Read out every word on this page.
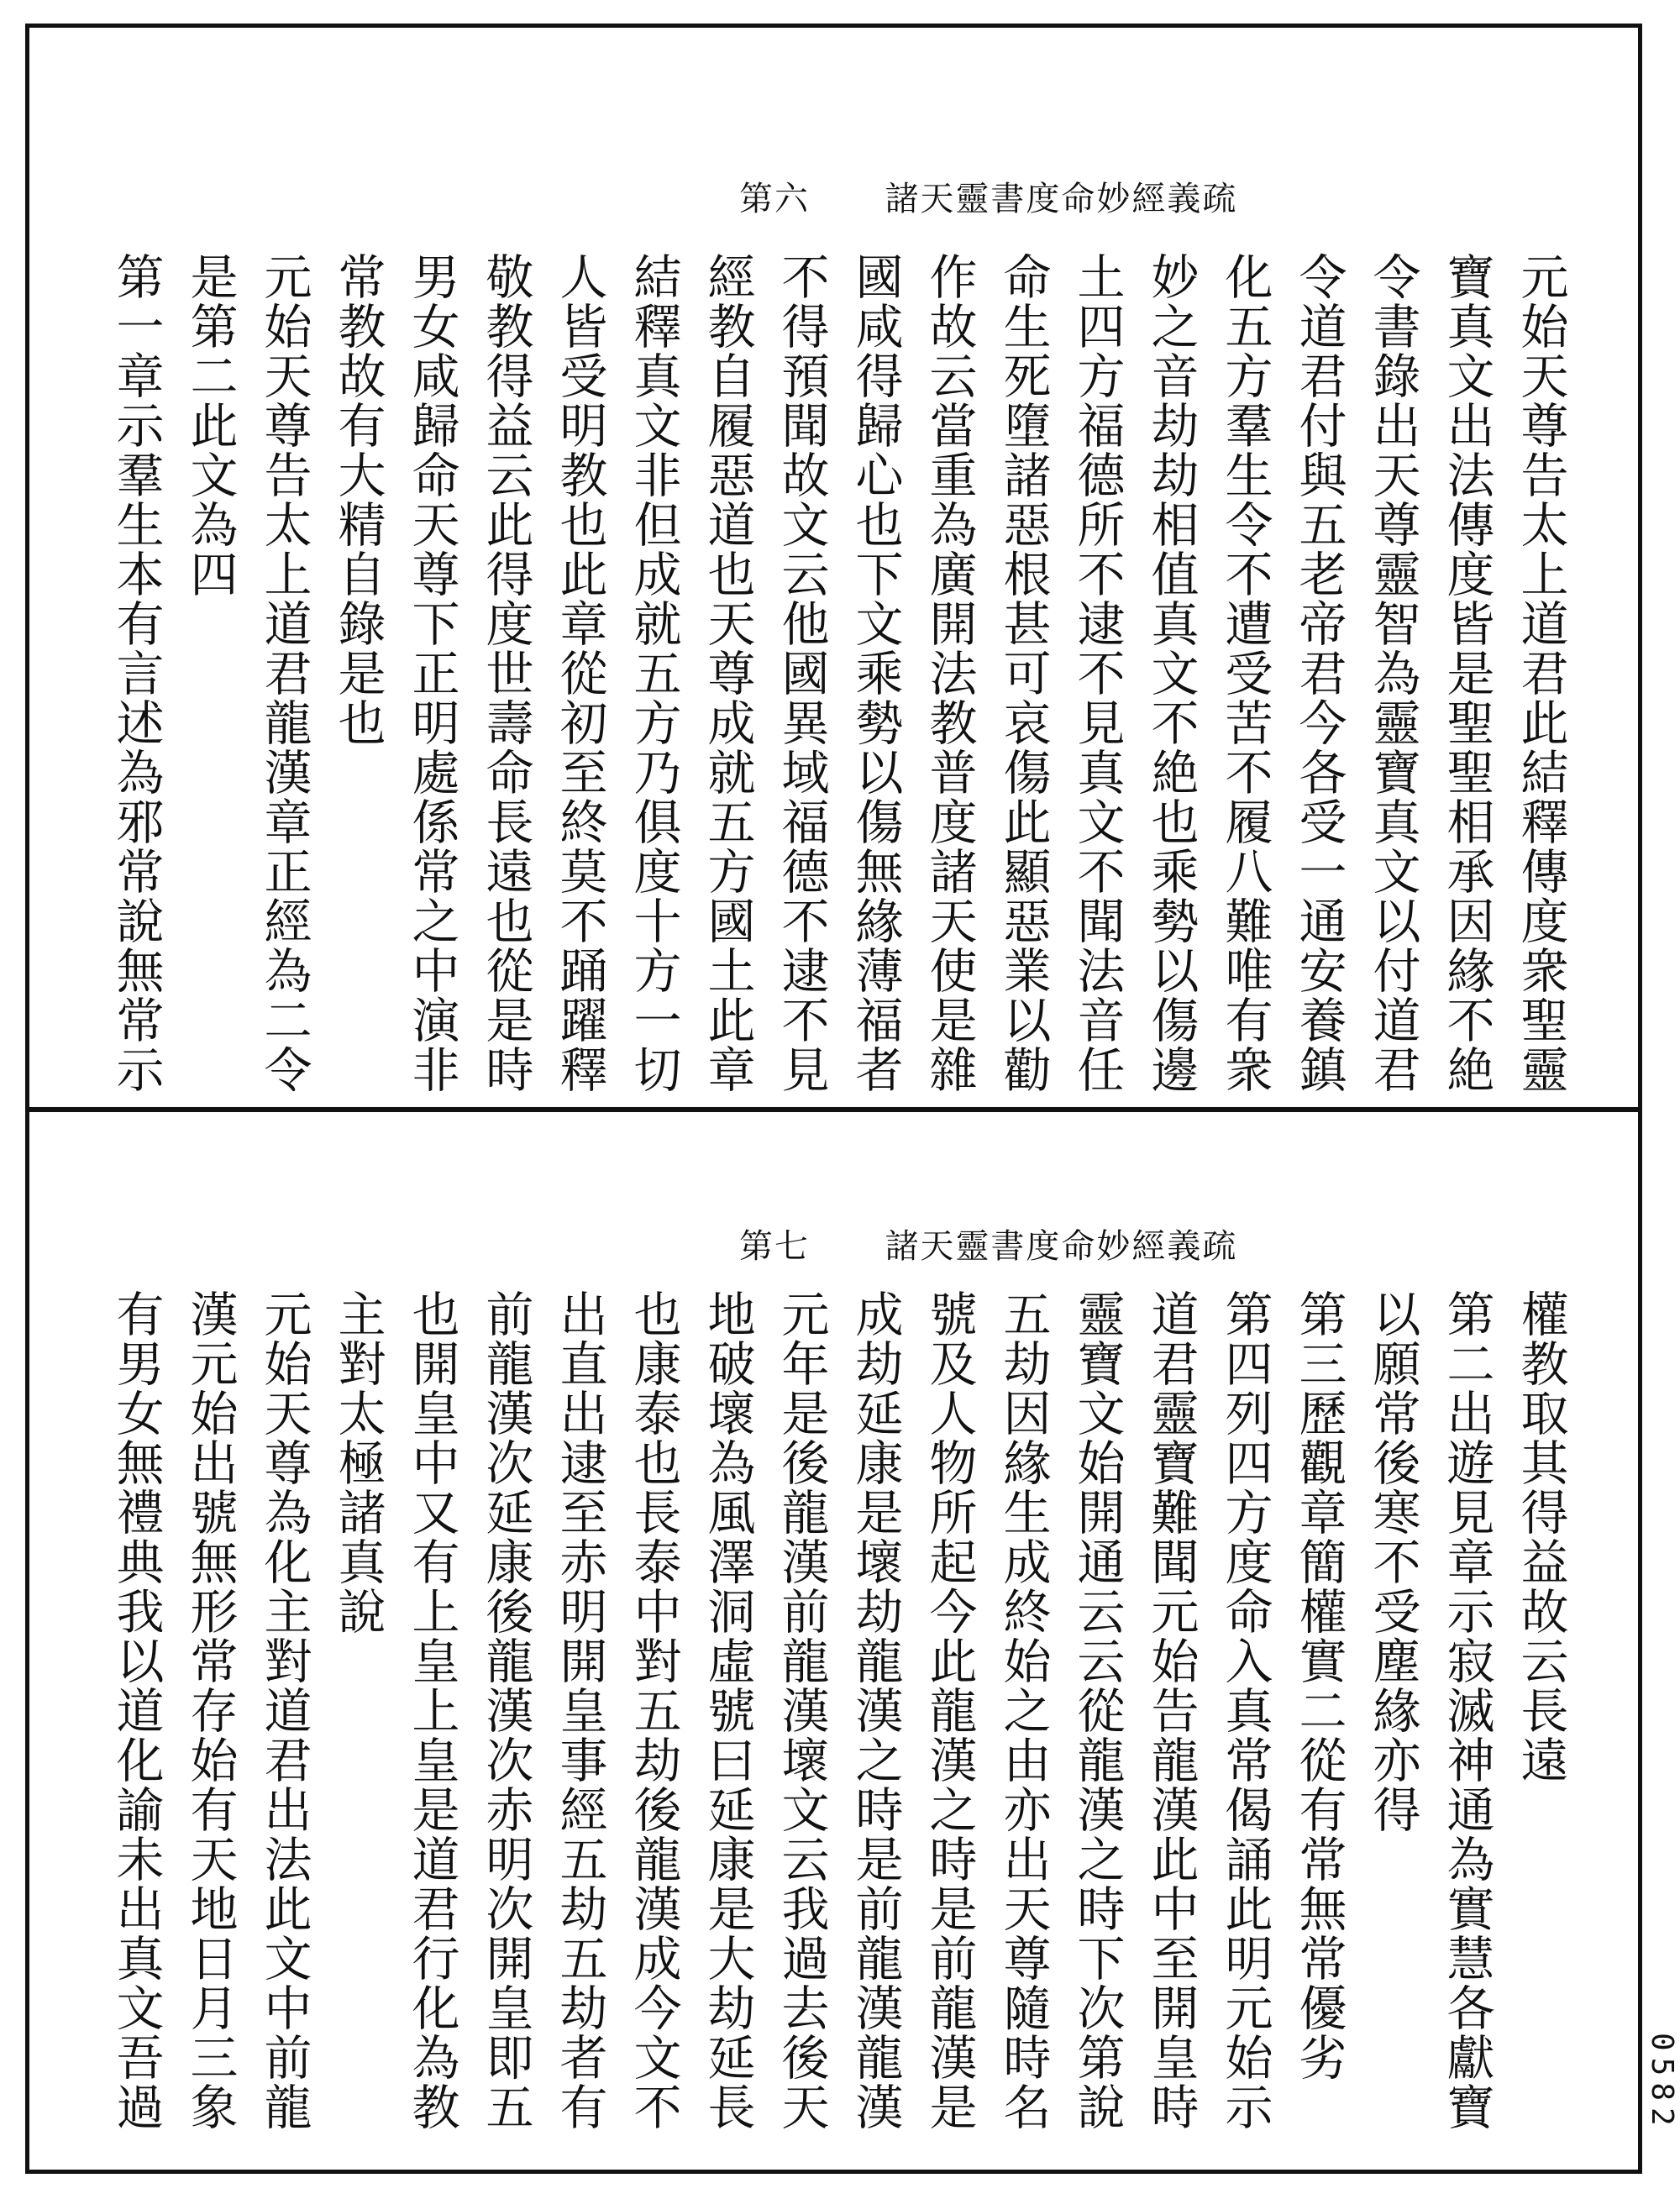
第六 諸天靈書度命妙經義疏
元始天尊告太上道君此結釋傳度衆聖靈
寶真文出法傳度皆是聖聖相承因緣不絶
令書錄出天尊靈智為靈寶真文以付道君
令道君付與五老帝君今各受一通安養鎮
化五方羣生令不遭受苦不履八難唯有衆
妙之音劫劫相值真文不絶也乘勢以傷邊
土四方福德所不逮不見真文不聞法音任
命生死墮諸惡根甚可哀傷此顯惡業以勸
作故云當重為廣開法教普度諸天使是雜
國咸得歸心也下文乘勢以傷無緣薄福者
不得預聞故文云他國異域福德不逮不見
經教自履惡道也天尊成就五方國土此章
結釋真文非但成就五方乃俱度十方一切
人皆受明教也此章從初至終莫不踊躍釋
敬教得益云此得度世壽命長遠也從是時
男女咸歸命天尊下正明處係常之中演非
常教故有大精自錄是也
元始天尊告太上道君龍漢章正經為二令
是第二此文為四
第一章示羣生本有言述為邪常說無常示
第七 諸天靈書度命妙經義疏
權教取其得益故云長遠
第二出遊見章示寂滅神通為實慧各獻寶
以願常後寒不受塵緣亦得
第三歷觀章簡權實二從有常無常優劣
第四列四方度命入真常偈誦此明元始示
道君靈寶難聞元始告龍漢此中至開皇時
靈寶文始開通云云從龍漢之時下次第說
五劫因緣生成終始之由亦出天尊隨時名
號及人物所起今此龍漢之時是前龍漢是
成劫延康是壞劫龍漢之時是前龍漢龍漢
元年是後龍漢前龍漢壞文云我過去後天
地破壞為風澤洞虛號曰延康是大劫延長
也康泰也長泰中對五劫後龍漢成今文不
出直出逮至赤明開皇事經五劫五劫者有
前龍漢次延康後龍漢次赤明次開皇即五
也開皇中又有上皇上皇是道君行化為教
主對太極諸真說
元始天尊為化主對道君出法此文中前龍
漢元始出號無形常存始有天地日月三象
有男女無禮典我以道化諭未出真文吾過	0582
